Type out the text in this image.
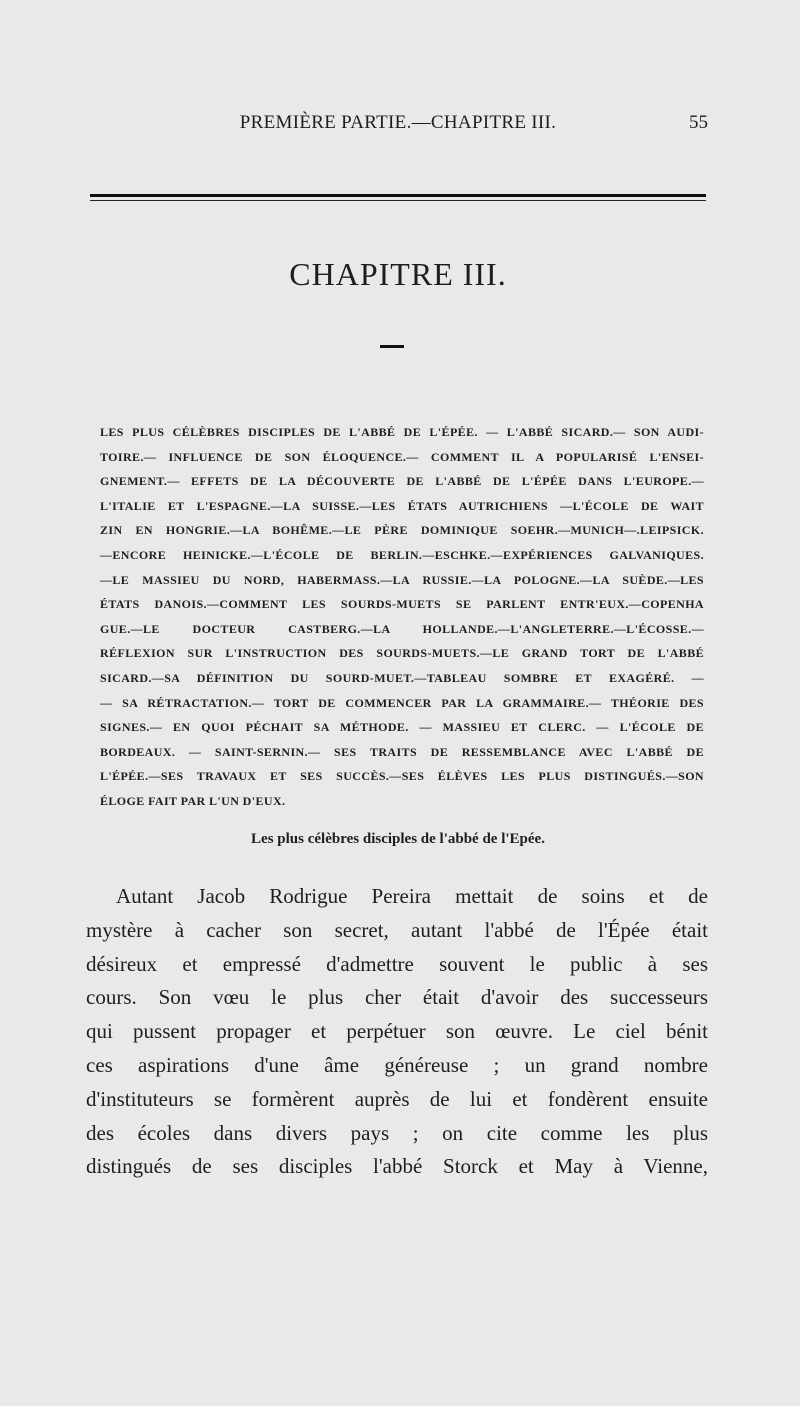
PREMIÈRE PARTIE.—CHAPITRE III.	55
CHAPITRE III.
LES PLUS CÉLÈBRES DISCIPLES DE L'ABBÉ DE L'ÉPÉE. — L'ABBÉ SICARD.— SON AUDI-
TOIRE.— INFLUENCE DE SON ÉLOQUENCE.— COMMENT IL A POPULARISÉ L'ENSEI-
GNEMENT.— EFFETS DE LA DÉCOUVERTE DE L'ABBÉ DE L'ÉPÉE DANS L'EUROPE.—
L'ITALIE ET L'ESPAGNE.—LA SUISSE.—LES ÉTATS AUTRICHIENS —L'ÉCOLE DE WAIT
ZIN EN HONGRIE.—LA BOHÊME.—LE PÈRE DOMINIQUE SOEHR.—MUNICH—.LEIPSICK.
—ENCORE HEINICKE.—L'ÉCOLE DE BERLIN.—ESCHKE.—EXPÉRIENCES GALVANIQUES.
—LE MASSIEU DU NORD, HABERMASS.—LA RUSSIE.—LA POLOGNE.—LA SUÈDE.—LES
ÉTATS DANOIS.—COMMENT LES SOURDS-MUETS SE PARLENT ENTR'EUX.—COPENHA
GUE.—LE DOCTEUR CASTBERG.—LA HOLLANDE.—L'ANGLETERRE.—L'ÉCOSSE.—
RÉFLEXION SUR L'INSTRUCTION DES SOURDS-MUETS.—LE GRAND TORT DE L'ABBÉ
SICARD.—SA DÉFINITION DU SOURD-MUET.—TABLEAU SOMBRE ET EXAGÉRÉ. —
— SA RÉTRACTATION.— TORT DE COMMENCER PAR LA GRAMMAIRE.— THÉORIE DES
SIGNES.— EN QUOI PÉCHAIT SA MÉTHODE. — MASSIEU ET CLERC. — L'ÉCOLE DE
BORDEAUX. — SAINT-SERNIN.— SES TRAITS DE RESSEMBLANCE AVEC L'ABBÉ DE
L'ÉPÉE.—SES TRAVAUX ET SES SUCCÈS.—SES ÉLÈVES LES PLUS DISTINGUÉS.—SON
ÉLOGE FAIT PAR L'UN D'EUX.
Les plus célèbres disciples de l'abbé de l'Epée.
Autant Jacob Rodrigue Pereira mettait de soins et de
mystère à cacher son secret, autant l'abbé de l'Épée était
désireux et empressé d'admettre souvent le public à ses
cours. Son vœu le plus cher était d'avoir des successeurs
qui pussent propager et perpétuer son œuvre. Le ciel bénit
ces aspirations d'une âme généreuse ; un grand nombre
d'instituteurs se formèrent auprès de lui et fondèrent ensuite
des écoles dans divers pays ; on cite comme les plus
distingués de ses disciples l'abbé Storck et May à Vienne,
